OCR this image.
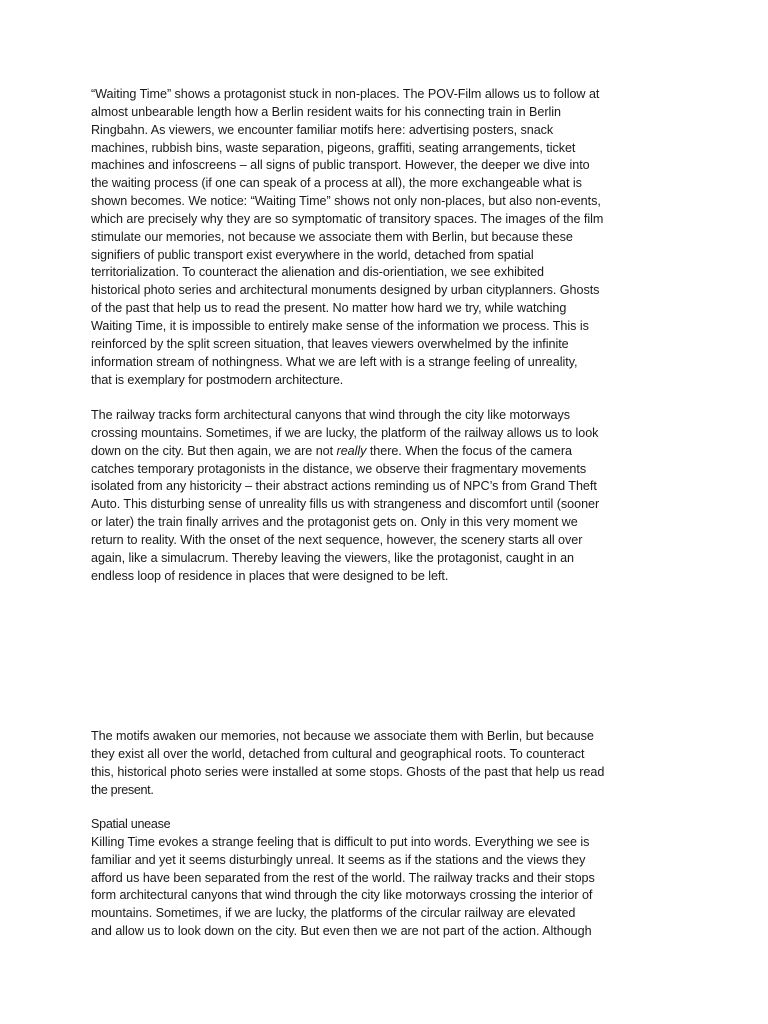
“Waiting Time” shows a protagonist stuck in non-places. The POV-Film allows us to follow at
almost unbearable length how a Berlin resident waits for his connecting train in Berlin
Ringbahn. As viewers, we encounter familiar motifs here: advertising posters, snack
machines, rubbish bins, waste separation, pigeons, graffiti, seating arrangements, ticket
machines and infoscreens – all signs of public transport. However, the deeper we dive into
the waiting process (if one can speak of a process at all), the more exchangeable what is
shown becomes. We notice: “Waiting Time” shows not only non-places, but also non-events,
which are precisely why they are so symptomatic of transitory spaces. The images of the film
stimulate our memories, not because we associate them with Berlin, but because these
signifiers of public transport exist everywhere in the world, detached from spatial
territorialization. To counteract the alienation and dis-orientiation, we see exhibited
historical photo series and architectural monuments designed by urban cityplanners. Ghosts
of the past that help us to read the present. No matter how hard we try, while watching
Waiting Time, it is impossible to entirely make sense of the information we process. This is
reinforced by the split screen situation, that leaves viewers overwhelmed by the infinite
information stream of nothingness. What we are left with is a strange feeling of unreality,
that is exemplary for postmodern architecture.
The railway tracks form architectural canyons that wind through the city like motorways
crossing mountains. Sometimes, if we are lucky, the platform of the railway allows us to look
down on the city. But then again, we are not really there. When the focus of the camera
catches temporary protagonists in the distance, we observe their fragmentary movements
isolated from any historicity – their abstract actions reminding us of NPC’s from Grand Theft
Auto. This disturbing sense of unreality fills us with strangeness and discomfort until (sooner
or later) the train finally arrives and the protagonist gets on. Only in this very moment we
return to reality. With the onset of the next sequence, however, the scenery starts all over
again, like a simulacrum. Thereby leaving the viewers, like the protagonist, caught in an
endless loop of residence in places that were designed to be left.
The motifs awaken our memories, not because we associate them with Berlin, but because
they exist all over the world, detached from cultural and geographical roots. To counteract
this, historical photo series were installed at some stops. Ghosts of the past that help us read
the present.
Spatial unease
Killing Time evokes a strange feeling that is difficult to put into words. Everything we see is
familiar and yet it seems disturbingly unreal. It seems as if the stations and the views they
afford us have been separated from the rest of the world. The railway tracks and their stops
form architectural canyons that wind through the city like motorways crossing the interior of
mountains. Sometimes, if we are lucky, the platforms of the circular railway are elevated
and allow us to look down on the city. But even then we are not part of the action. Although
